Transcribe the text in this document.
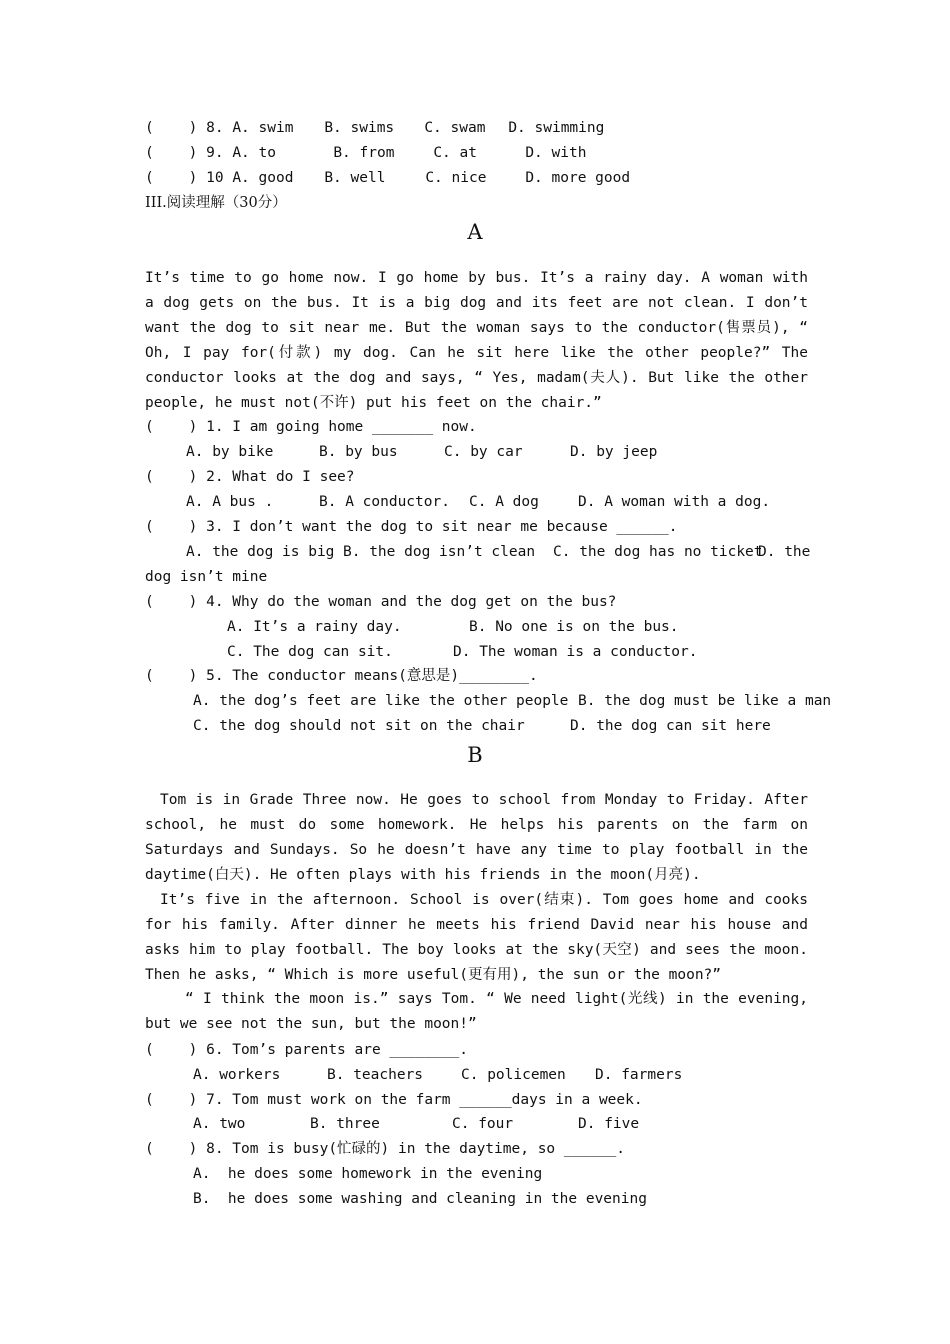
(    ) 8. A. swim B. swims C. swam D. swimming
(    ) 9. A. to	B. from	C. at	D. with
(    ) 10 A. good B. well	C. nice	D. more good
III.阅读理解（30分）
A

It’s time to go home now. I go home by bus. It’s a rainy day. A woman with a dog gets on the bus. It is a big dog and its feet are not clean. I don’t want the dog to sit near me. But the woman says to the conductor(售票员), “ Oh, I pay for(付款) my dog. Can he sit here like the other people?” The conductor looks at the dog and says, “ Yes, madam(夫人). But like the other people, he must not(不许) put his feet on the chair.”

(    ) 1. I am going home _______ now.
A. by bike	B. by bus	C. by car	D. by jeep
(    ) 2. What do I see?
A. A bus .	B. A conductor. C. A dog	D. A woman with a dog.
(    ) 3. I don’t want the dog to sit near me because ______.
A. the dog is big B. the dog isn’t clean C. the dog has no ticketD. the
dog isn’t mine
(    ) 4. Why do the woman and the dog get on the bus?
A. It’s a rainy day.	B. No one is on the bus.
C. The dog can sit.	D. The woman is a conductor.
(    ) 5. The conductor means(意思是)________.
A. the dog’s feet are like the other people B. the dog must be like a man
C. the dog should not sit on the chair	D. the dog can sit here
B

Tom is in Grade Three now. He goes to school from Monday to Friday. After school, he must do some homework. He helps his parents on the farm on Saturdays and Sundays. So he doesn’t have any time to play football in the daytime(白天). He often plays with his friends in the moon(月亮).

It’s five in the afternoon. School is over(结束). Tom goes home and cooks for his family. After dinner he meets his friend David near his house and asks him to play football. The boy looks at the sky(天空) and sees the moon. Then he asks, “ Which is more useful(更有用), the sun or the moon?”

“ I think the moon is.” says Tom. “ We need light(光线) in the evening, but we see not the sun, but the moon!”

(    ) 6. Tom’s parents are ________.
A. workers	B. teachers	C. policemen D. farmers
(    ) 7. Tom must work on the farm ______days in a week.
A. two	B. three	C. four	D. five
(    ) 8. Tom is busy(忙碌的) in the daytime, so ______.
A.  he does some homework in the evening
B.  he does some washing and cleaning in the evening
